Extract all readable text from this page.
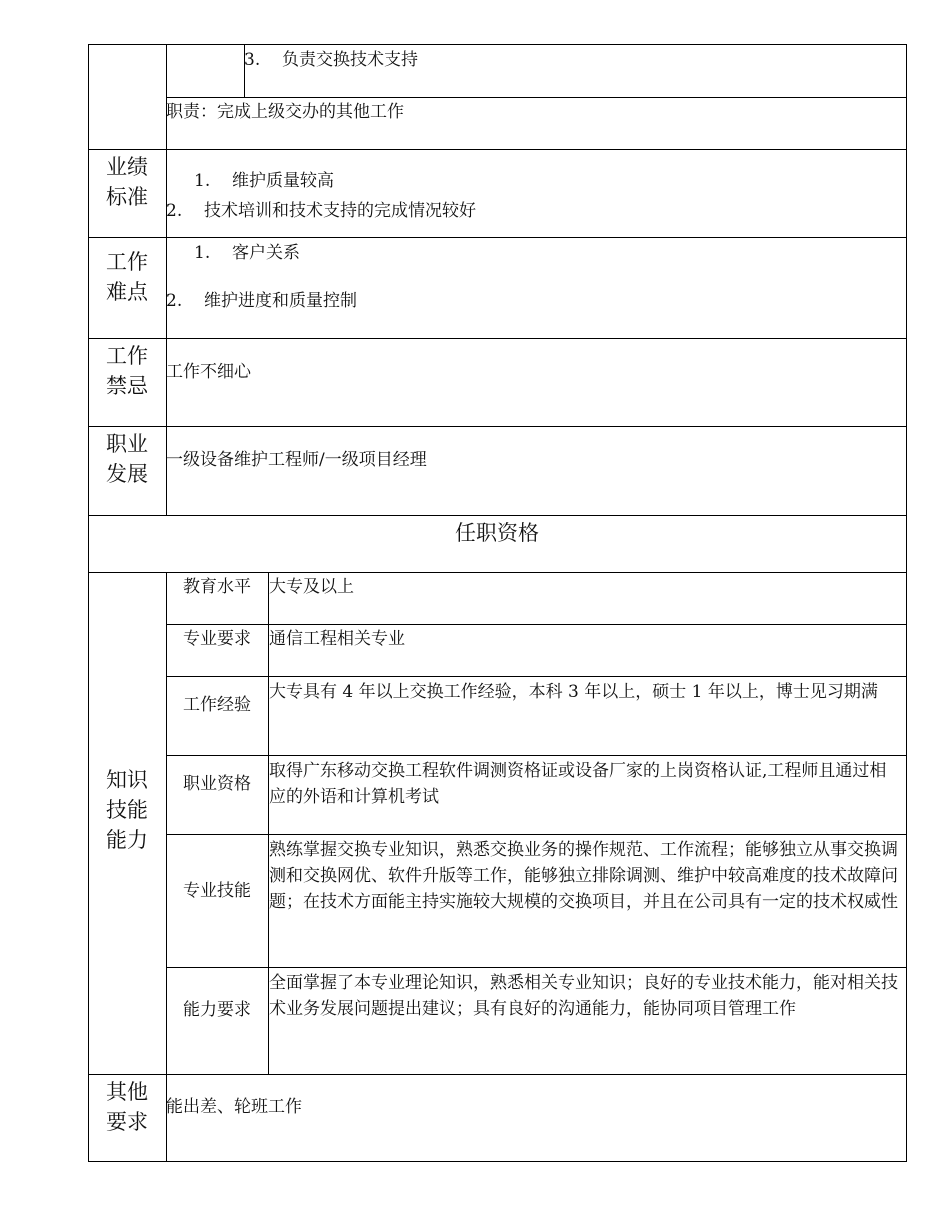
3. 负责交换技术支持
职责：完成上级交办的其他工作
业绩
标准
1. 维护质量较高
2. 技术培训和技术支持的完成情况较好
工作
难点
1. 客户关系
2. 维护进度和质量控制
工作
禁忌
工作不细心
职业
发展
一级设备维护工程师/一级项目经理
任职资格
知识
技能
能力
教育水平	大专及以上
专业要求	通信工程相关专业
工作经验
大专具有 4 年以上交换工作经验，本科 3 年以上，硕士 1 年以上，博士见习期满
职业资格
取得广东移动交换工程软件调测资格证或设备厂家的上岗资格认证,工程师且通过相应的外语和计算机考试
专业技能
熟练掌握交换专业知识，熟悉交换业务的操作规范、工作流程；能够独立从事交换调测和交换网优、软件升版等工作，能够独立排除调测、维护中较高难度的技术故障问题；在技术方面能主持实施较大规模的交换项目，并且在公司具有一定的技术权威性
能力要求
全面掌握了本专业理论知识，熟悉相关专业知识；良好的专业技术能力，能对相关技术业务发展问题提出建议；具有良好的沟通能力，能协同项目管理工作
其他
要求
能出差、轮班工作
